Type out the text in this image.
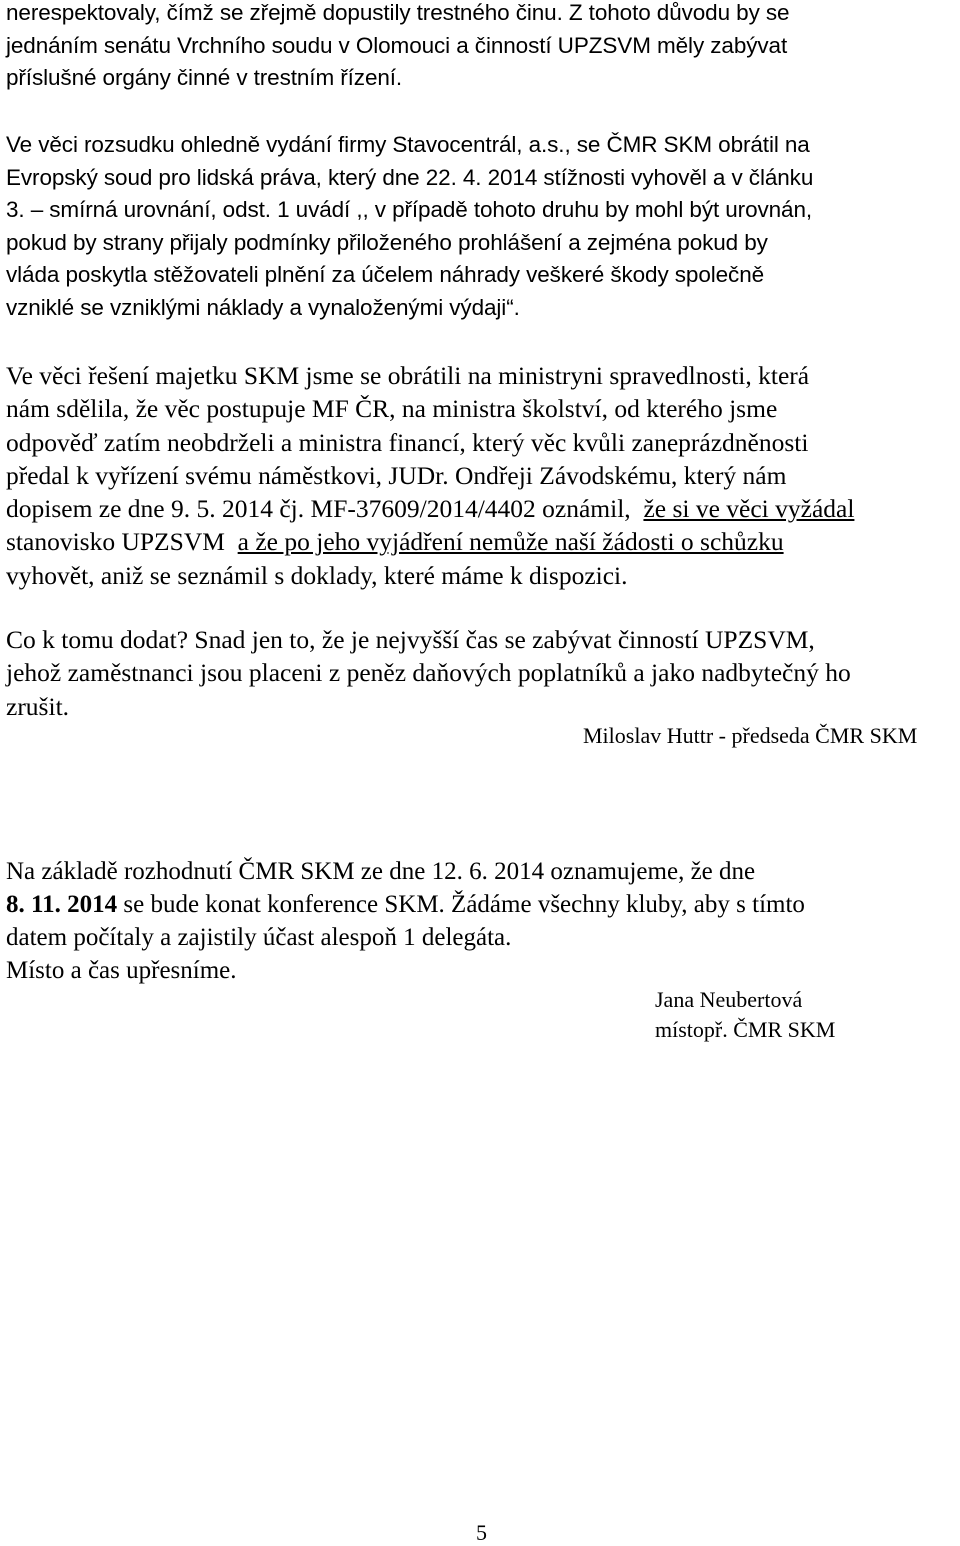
nerespektovaly, čímž se zřejmě dopustily trestného činu. Z tohoto důvodu by se
jednáním senátu Vrchního soudu v Olomouci a činností UPZSVM měly zabývat
příslušné orgány činné v trestním řízení.
Ve věci rozsudku ohledně vydání firmy Stavocentrál, a.s., se ČMR SKM obrátil na
Evropský soud pro lidská práva, který dne 22. 4. 2014 stížnosti vyhověl a v článku
3. – smírná urovnání, odst. 1 uvádí ,, v případě tohoto druhu by mohl být urovnán,
pokud by strany přijaly podmínky přiloženého prohlášení a zejména pokud by
vláda poskytla stěžovateli plnění za účelem náhrady veškeré škody společně
vzniklé se vzniklými náklady a vynaloženými výdaji“.
Ve věci řešení majetku SKM jsme se obrátili na ministryni spravedlnosti, která
nám sdělila, že věc postupuje MF ČR, na ministra školství, od kterého jsme
odpověď zatím neobdrželi a ministra financí, který věc kvůli zaneprázdněnosti
předal k vyřízení svému náměstkovi, JUDr. Ondřeji Závodskému, který nám
dopisem ze dne 9. 5. 2014 čj. MF-37609/2014/4402 oznámil, že si ve věci vyžádal
stanovisko UPZSVM a že po jeho vyjádření nemůže naší žádosti o schůzku
vyhovět, aniž se seznámil s doklady, které máme k dispozici.
Co k tomu dodat? Snad jen to, že je nejvyšší čas se zabývat činností UPZSVM,
jehož zaměstnanci jsou placeni z peněz daňových poplatníků a jako nadbytečný ho
zrušit.
Miloslav Huttr - předseda ČMR SKM
Na základě rozhodnutí ČMR SKM ze dne 12. 6. 2014 oznamujeme, že dne
8. 11. 2014 se bude konat konference SKM. Žádáme všechny kluby, aby s tímto
datem počítaly a zajistily účast alespoň 1 delegáta.
Místo a čas upřesníme.
Jana Neubertová
místopř. ČMR SKM
5
